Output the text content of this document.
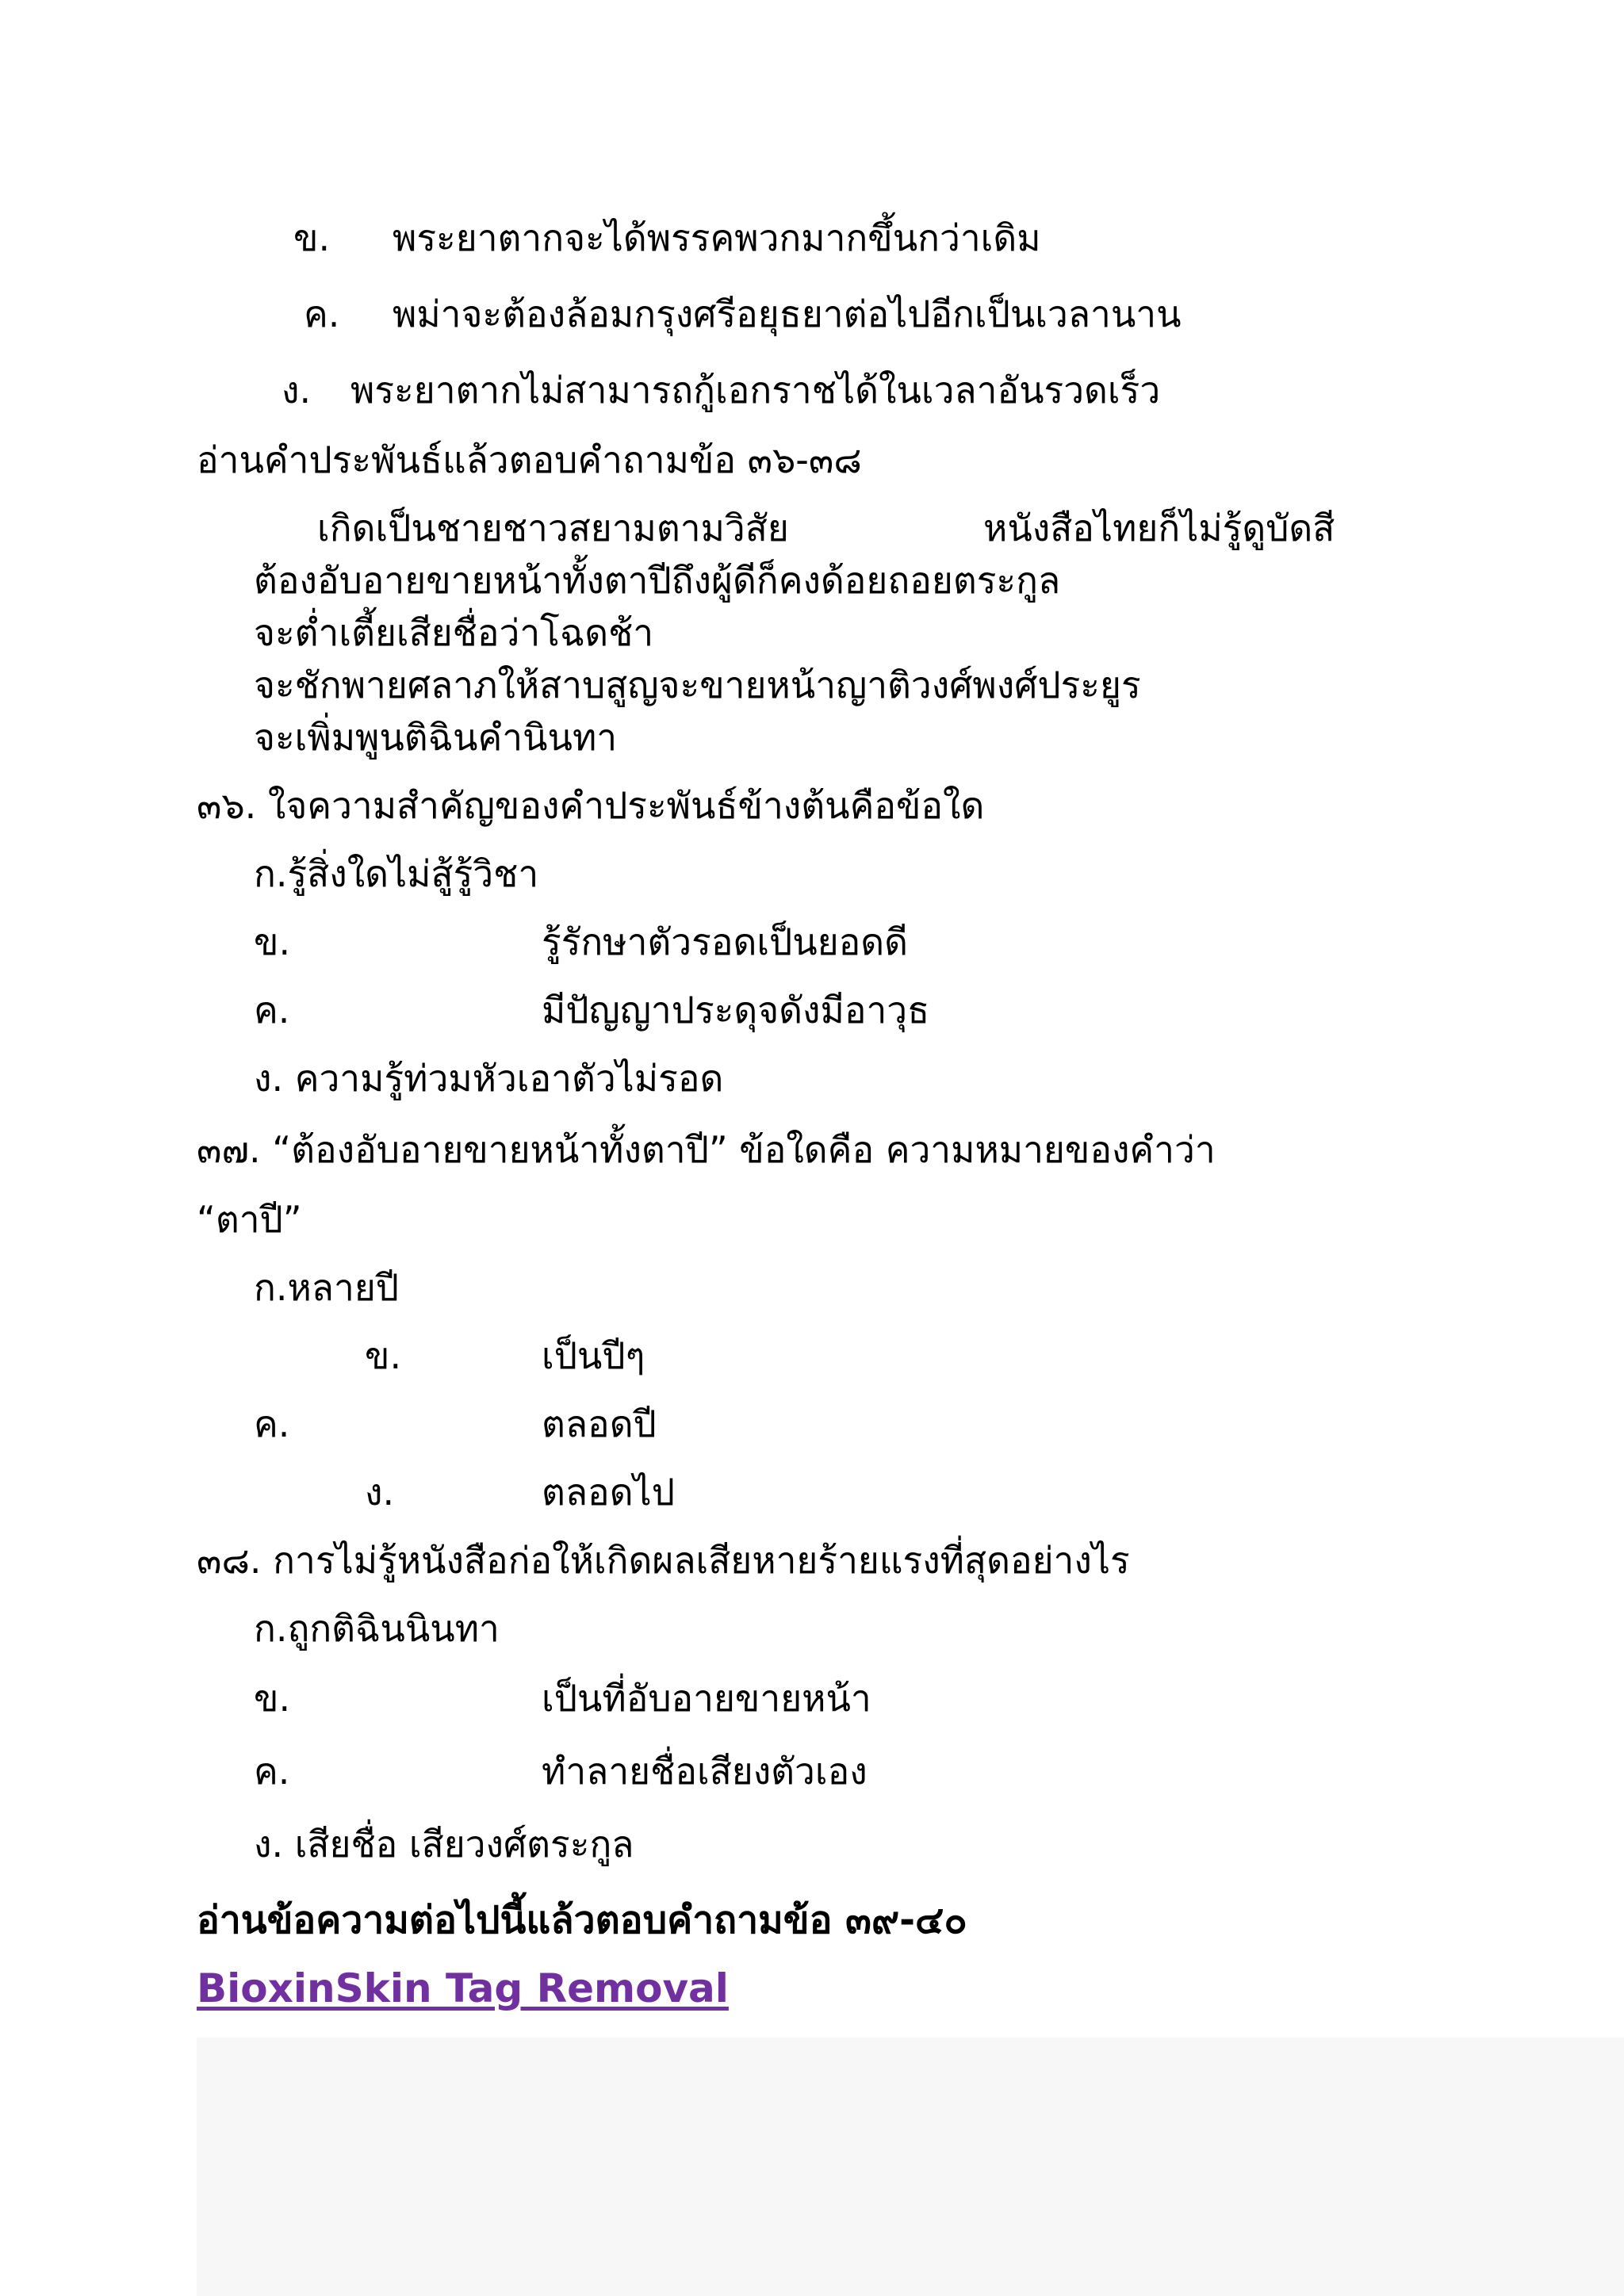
ข. พระยาตากจะได้พรรคพวกมากขึ้นกว่าเดิม
ค. พม่าจะต้องล้อมกรุงศรีอยุธยาต่อไปอีกเป็นเวลานาน
ง. พระยาตากไม่สามารถกู้เอกราชได้ในเวลาอันรวดเร็ว
อ่านคำประพันธ์แล้วตอบคำถามข้อ ๓๖-๓๘
เกิดเป็นชายชาวสยามตามวิสัย	หนังสือไทยก็ไม่รู้ดูบัดสี
ต้องอับอายขายหน้าทั้งตาปีถึงผู้ดีก็คงด้อยถอยตระกูล
จะต่ำเตี้ยเสียชื่อว่าโฉดช้า
จะชักพายศลาภให้สาบสูญจะขายหน้าญาติวงศ์พงศ์ประยูร
จะเพิ่มพูนติฉินคำนินทา
๓๖. ใจความสำคัญของคำประพันธ์ข้างต้นคือข้อใด
ก.รู้สิ่งใดไม่สู้รู้วิชา
ข.	รู้รักษาตัวรอดเป็นยอดดี
ค.	มีปัญญาประดุจดังมีอาวุธ
ง. ความรู้ท่วมหัวเอาตัวไม่รอด
๓๗. “ต้องอับอายขายหน้าทั้งตาปี” ข้อใดคือ ความหมายของคำว่า
“ตาปี”
ก.หลายปี
ข.	เป็นปีๆ
ค.	ตลอดปี
ง.	ตลอดไป
๓๘. การไม่รู้หนังสือก่อให้เกิดผลเสียหายร้ายแรงที่สุดอย่างไร
ก.ถูกติฉินนินทา
ข.	เป็นที่อับอายขายหน้า
ค.	ทำลายชื่อเสียงตัวเอง
ง. เสียชื่อ เสียวงศ์ตระกูล
อ่านข้อความต่อไปนี้แล้วตอบคำถามข้อ ๓๙-๔๐
BioxinSkin Tag Removal
